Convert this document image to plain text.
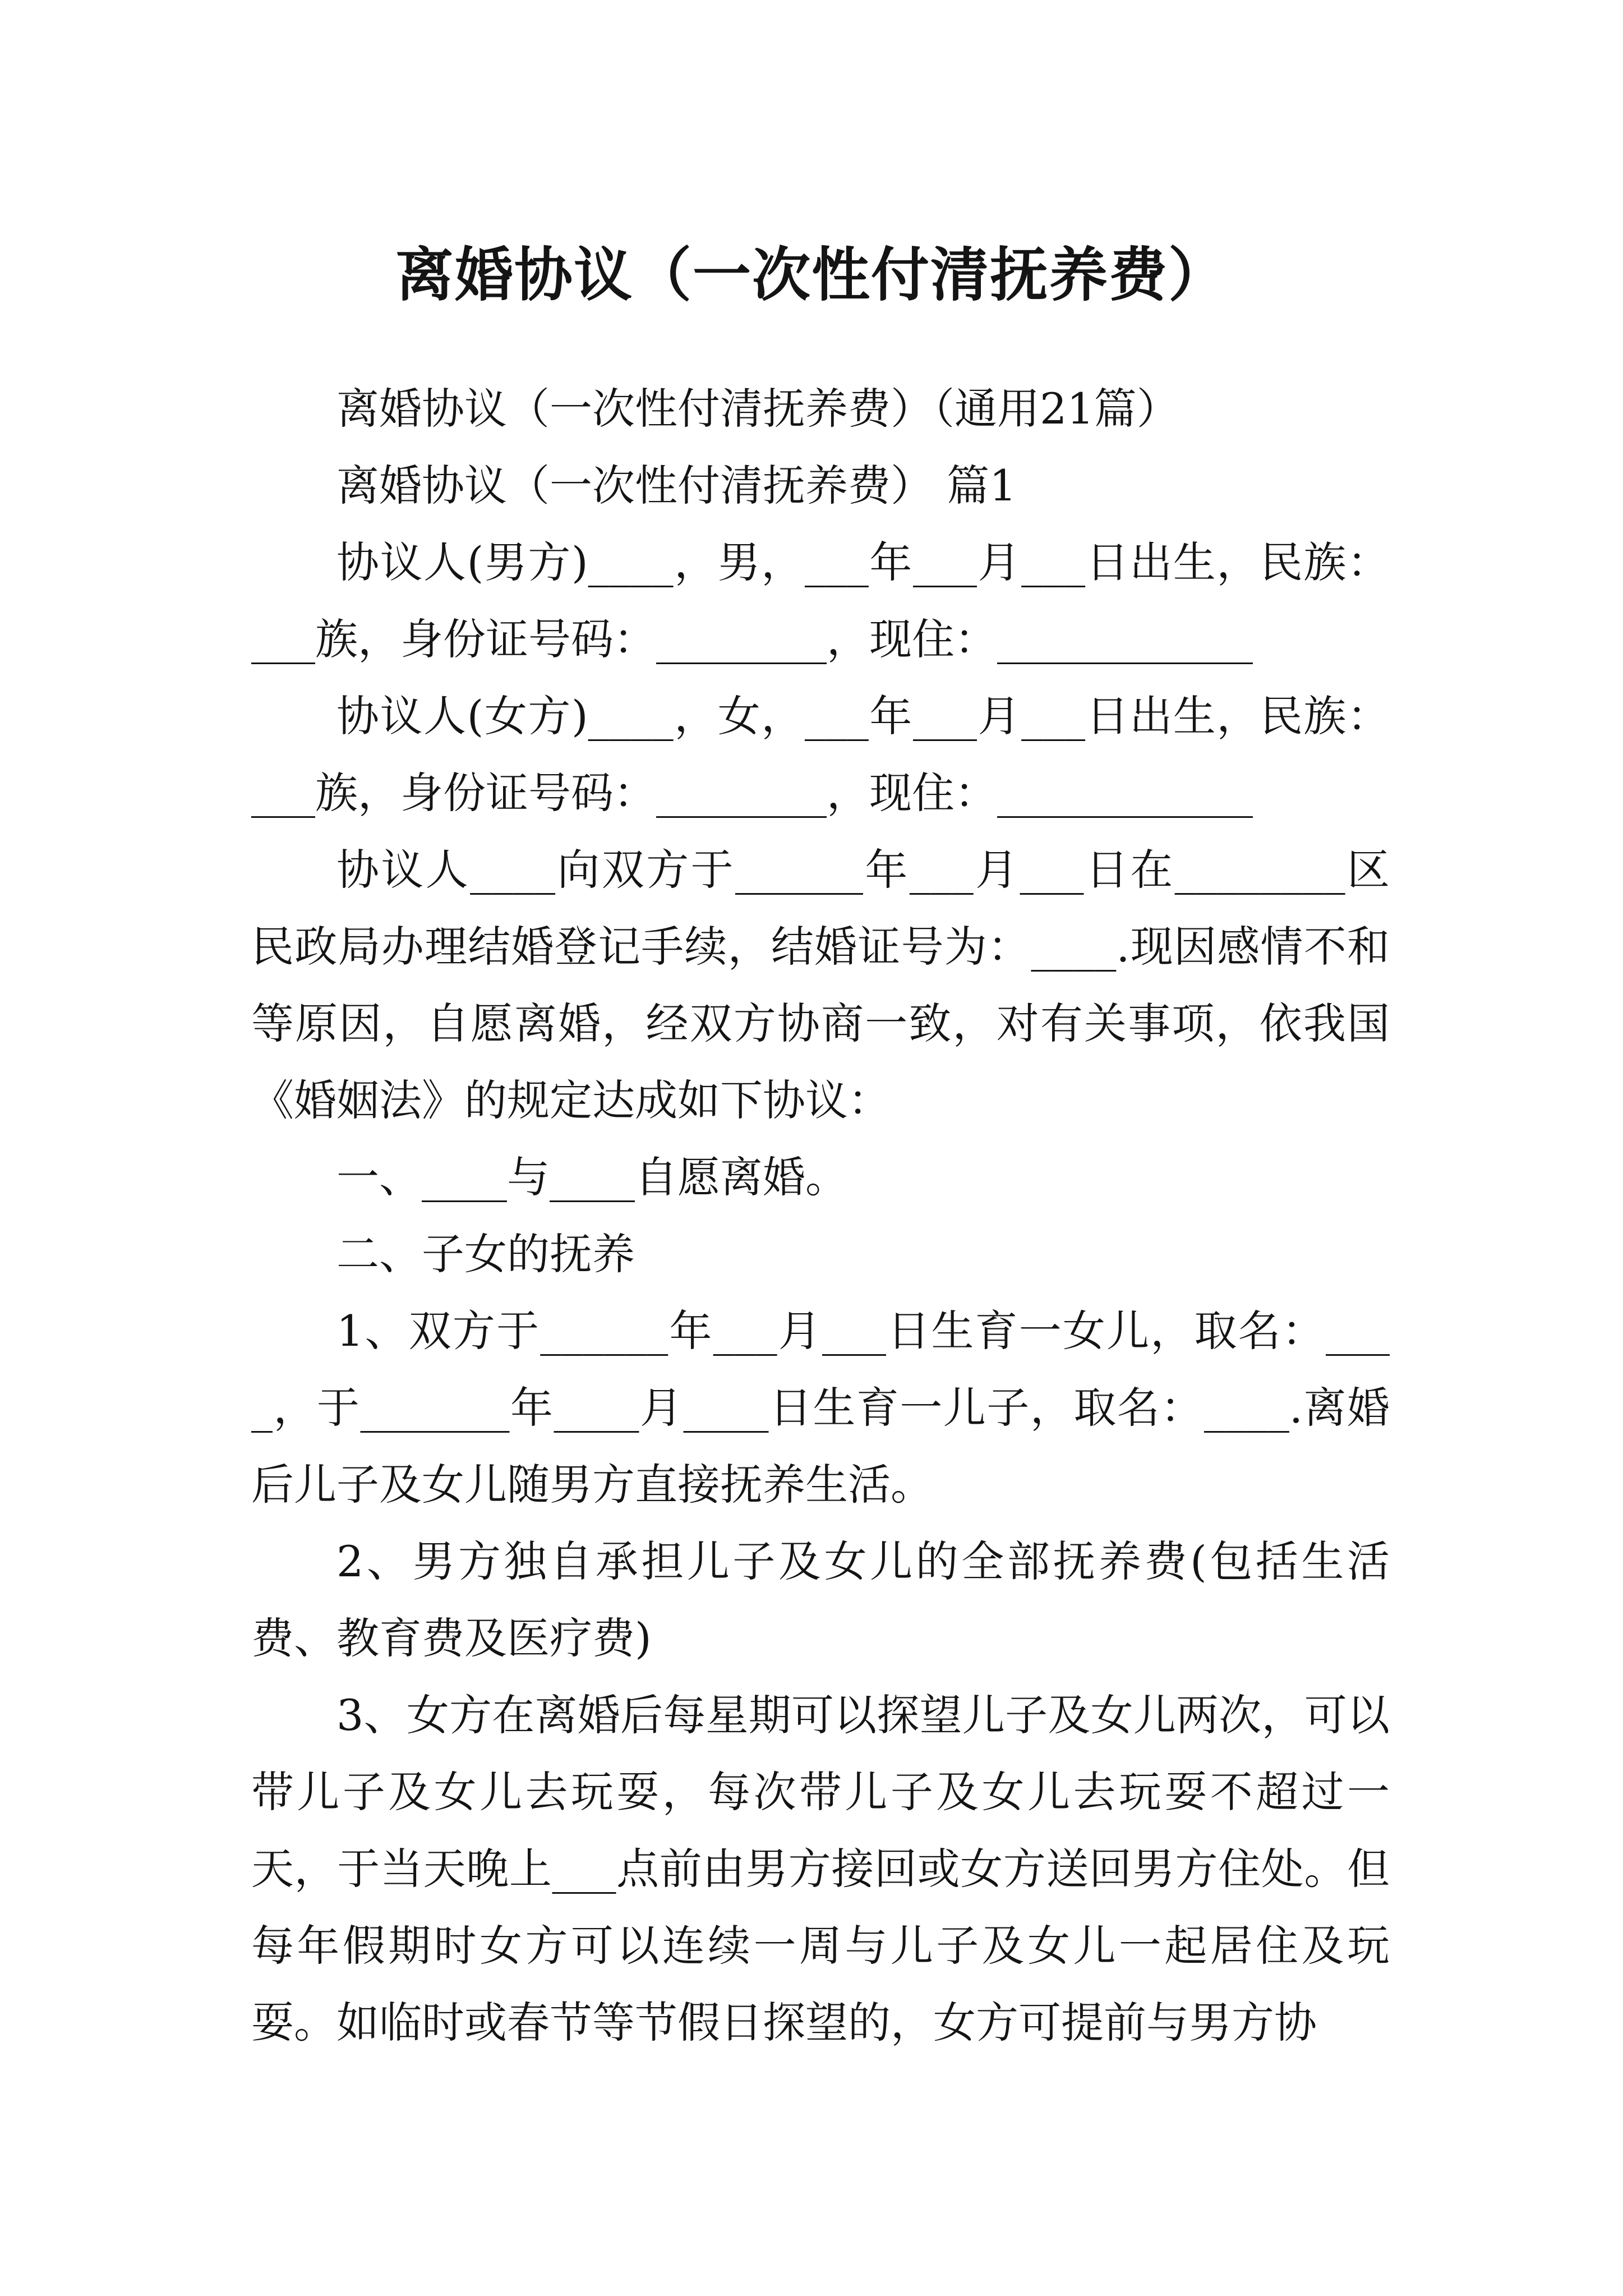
离婚协议（一次性付清抚养费）

离婚协议（一次性付清抚养费）（通用21篇）

离婚协议（一次性付清抚养费） 篇1

协议人(男方)____，男，___年___月___日出生，民族：___族，身份证号码：________，现住：____________

协议人(女方)____，女，___年___月___日出生，民族：___族，身份证号码：________，现住：____________

协议人____向双方于______年___月___日在________区民政局办理结婚登记手续，结婚证号为：____.现因感情不和等原因，自愿离婚，经双方协商一致，对有关事项，依我国《婚姻法》的规定达成如下协议：

一、____与____自愿离婚。

二、子女的抚养

1、双方于______年___月___日生育一女儿，取名：____，于_______年____月____日生育一儿子，取名：____.离婚后儿子及女儿随男方直接抚养生活。

2、男方独自承担儿子及女儿的全部抚养费(包括生活费、教育费及医疗费)

3、女方在离婚后每星期可以探望儿子及女儿两次，可以带儿子及女儿去玩耍，每次带儿子及女儿去玩耍不超过一天，于当天晚上___点前由男方接回或女方送回男方住处。但每年假期时女方可以连续一周与儿子及女儿一起居住及玩耍。如临时或春节等节假日探望的，女方可提前与男方协
